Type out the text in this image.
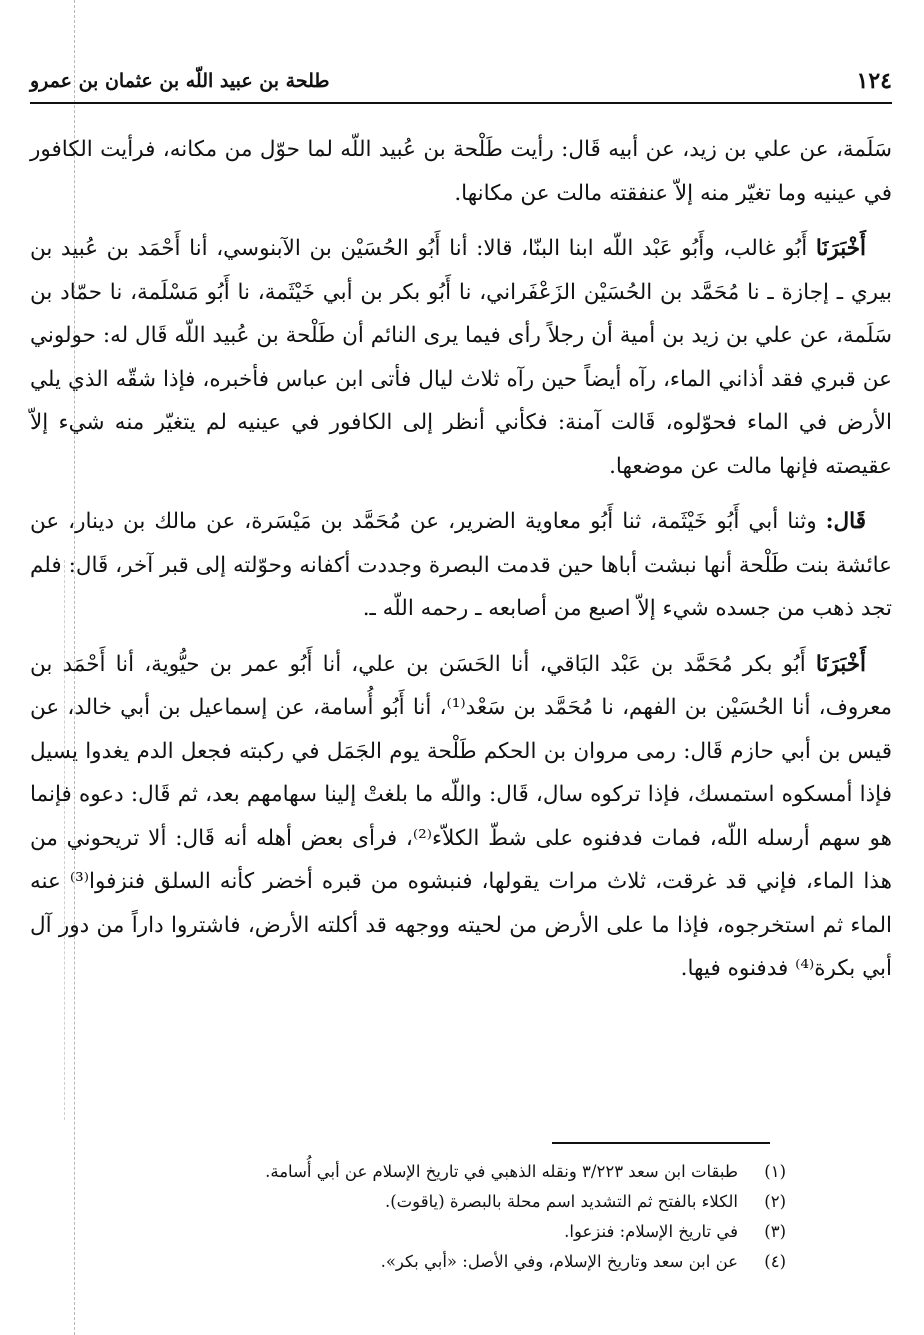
١٢٤
طلحة بن عبيد اللّه بن عثمان بن عمرو

سَلَمة، عن علي بن زيد، عن أبيه قَال: رأيت طَلْحة بن عُبيد اللّه لما حوّل من مكانه، فرأيت الكافور في عينيه وما تغيّر منه إلاّ عنفقته مالت عن مكانها.

أَخْبَرَنَا أَبُو غالب، وأَبُو عَبْد اللّه ابنا البنّا، قالا: أنا أَبُو الحُسَيْن بن الآبنوسي، أنا أَحْمَد بن عُبيد بن بيري ـ إجازة ـ نا مُحَمَّد بن الحُسَيْن الزَعْفَراني، نا أَبُو بكر بن أبي خَيْثَمة، نا أَبُو مَسْلَمة، نا حمّاد بن سَلَمة، عن علي بن زيد بن أمية أن رجلاً رأى فيما يرى النائم أن طَلْحة بن عُبيد اللّه قَال له: حولوني عن قبري فقد أذاني الماء، رآه أيضاً حين رآه ثلاث ليال فأتى ابن عباس فأخبره، فإذا شقّه الذي يلي الأرض في الماء فحوّلوه، قَالت آمنة: فكأني أنظر إلى الكافور في عينيه لم يتغيّر منه شيء إلاّ عقيصته فإنها مالت عن موضعها.

قَال: وثنا أبي أَبُو خَيْثَمة، ثنا أَبُو معاوية الضرير، عن مُحَمَّد بن مَيْسَرة، عن مالك بن دينار، عن عائشة بنت طَلْحة أنها نبشت أباها حين قدمت البصرة وجددت أكفانه وحوّلته إلى قبر آخر، قَال: فلم تجد ذهب من جسده شيء إلاّ اصبع من أصابعه ـ رحمه اللّه ـ.

أَخْبَرَنَا أَبُو بكر مُحَمَّد بن عَبْد البَاقي، أنا الحَسَن بن علي، أنا أَبُو عمر بن حيُّوية، أنا أَحْمَد بن معروف، أنا الحُسَيْن بن الفهم، نا مُحَمَّد بن سَعْد⁽¹⁾، أنا أَبُو أُسامة، عن إسماعيل بن أبي خالد، عن قيس بن أبي حازم قَال: رمى مروان بن الحكم طَلْحة يوم الجَمَل في ركبته فجعل الدم يغدوا يسيل فإذا أمسكوه استمسك، فإذا تركوه سال، قَال: واللّه ما بلغتْ إلينا سهامهم بعد، ثم قَال: دعوه فإنما هو سهم أرسله اللّه، فمات فدفنوه على شطّ الكلاّء⁽²⁾، فرأى بعض أهله أنه قَال: ألا تريحوني من هذا الماء، فإني قد غرقت، ثلاث مرات يقولها، فنبشوه من قبره أخضر كأنه السلق فنزفوا⁽³⁾ عنه الماء ثم استخرجوه، فإذا ما على الأرض من لحيته ووجهه قد أكلته الأرض، فاشتروا داراً من دور آل أبي بكرة⁽⁴⁾ فدفنوه فيها.

(١)
طبقات ابن سعد ٣/٢٢٣ ونقله الذهبي في تاريخ الإسلام عن أبي أُسامة.
(٢)
الكلاء بالفتح ثم التشديد اسم محلة بالبصرة (ياقوت).
(٣)
في تاريخ الإسلام: فنزعوا.
(٤)
عن ابن سعد وتاريخ الإسلام، وفي الأصل: «أبي بكر».
